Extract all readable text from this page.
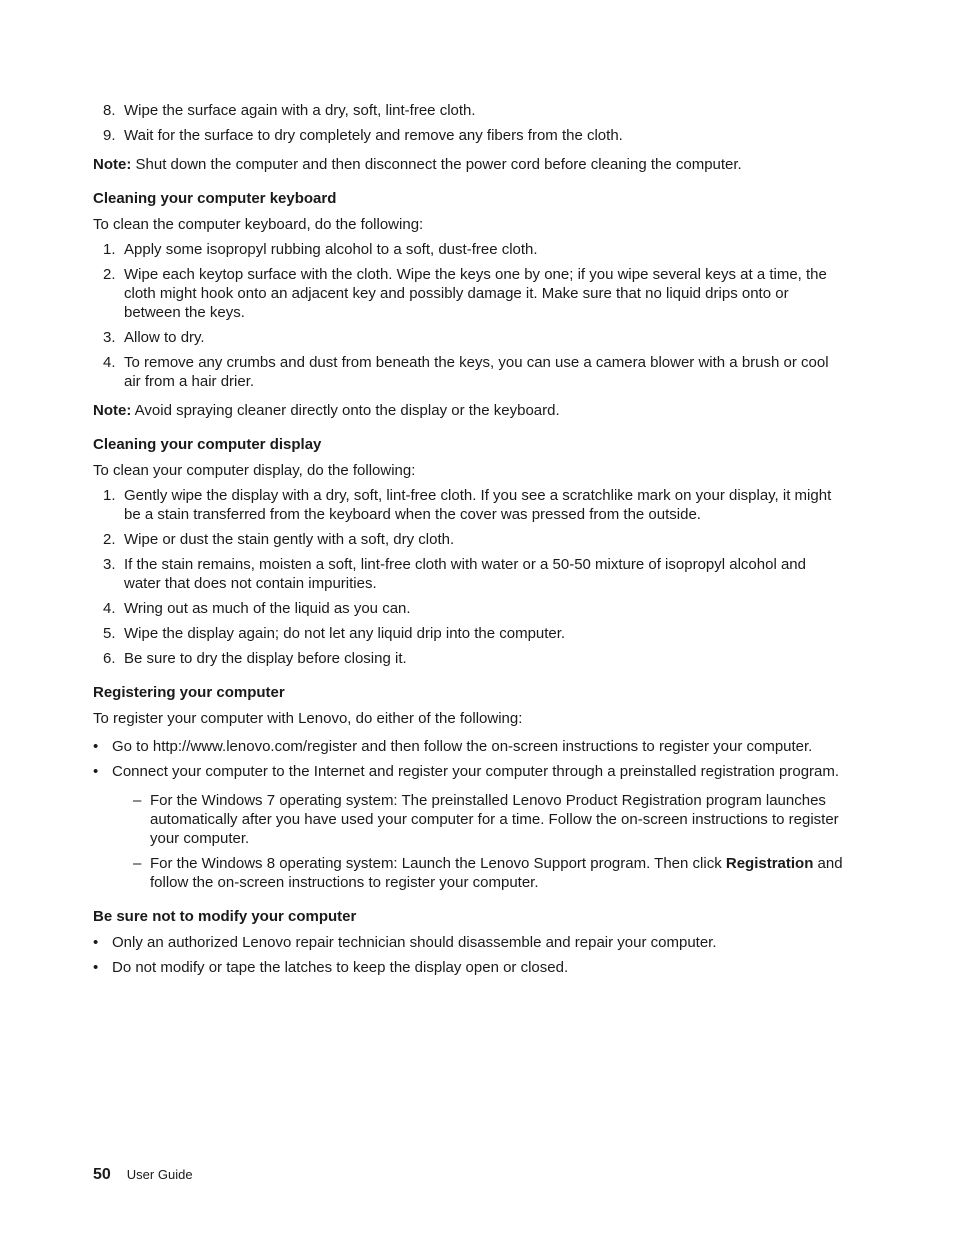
8. Wipe the surface again with a dry, soft, lint-free cloth.
9. Wait for the surface to dry completely and remove any fibers from the cloth.

Note: Shut down the computer and then disconnect the power cord before cleaning the computer.

Cleaning your computer keyboard

To clean the computer keyboard, do the following:

1. Apply some isopropyl rubbing alcohol to a soft, dust-free cloth.
2. Wipe each keytop surface with the cloth. Wipe the keys one by one; if you wipe several keys at a time, the cloth might hook onto an adjacent key and possibly damage it. Make sure that no liquid drips onto or between the keys.
3. Allow to dry.
4. To remove any crumbs and dust from beneath the keys, you can use a camera blower with a brush or cool air from a hair drier.

Note: Avoid spraying cleaner directly onto the display or the keyboard.

Cleaning your computer display

To clean your computer display, do the following:

1. Gently wipe the display with a dry, soft, lint-free cloth. If you see a scratchlike mark on your display, it might be a stain transferred from the keyboard when the cover was pressed from the outside.
2. Wipe or dust the stain gently with a soft, dry cloth.
3. If the stain remains, moisten a soft, lint-free cloth with water or a 50-50 mixture of isopropyl alcohol and water that does not contain impurities.
4. Wring out as much of the liquid as you can.
5. Wipe the display again; do not let any liquid drip into the computer.
6. Be sure to dry the display before closing it.
Registering your computer

To register your computer with Lenovo, do either of the following:

• Go to http://www.lenovo.com/register and then follow the on-screen instructions to register your computer.
• Connect your computer to the Internet and register your computer through a preinstalled registration program.
– For the Windows 7 operating system: The preinstalled Lenovo Product Registration program launches automatically after you have used your computer for a time. Follow the on-screen instructions to register your computer.
– For the Windows 8 operating system: Launch the Lenovo Support program. Then click Registration and follow the on-screen instructions to register your computer.
Be sure not to modify your computer
• Only an authorized Lenovo repair technician should disassemble and repair your computer.
• Do not modify or tape the latches to keep the display open or closed.
50 User Guide
